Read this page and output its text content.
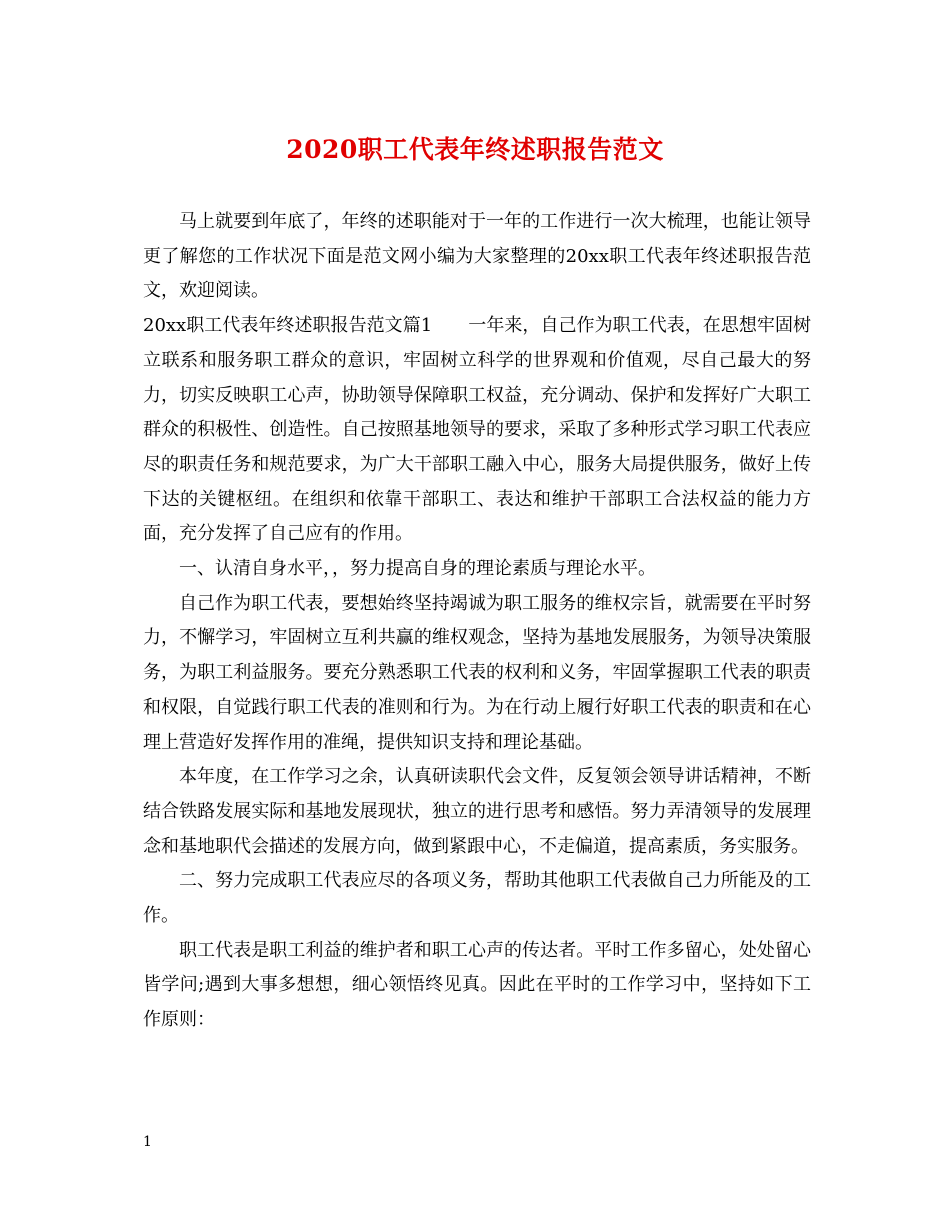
2020职工代表年终述职报告范文

马上就要到年底了，年终的述职能对于一年的工作进行一次大梳理，也能让领导更了解您的工作状况下面是范文网小编为大家整理的20xx职工代表年终述职报告范文，欢迎阅读。

20xx职工代表年终述职报告范文篇1　　一年来，自己作为职工代表，在思想牢固树立联系和服务职工群众的意识，牢固树立科学的世界观和价值观，尽自己最大的努力，切实反映职工心声，协助领导保障职工权益，充分调动、保护和发挥好广大职工群众的积极性、创造性。自己按照基地领导的要求，采取了多种形式学习职工代表应尽的职责任务和规范要求，为广大干部职工融入中心，服务大局提供服务，做好上传下达的关键枢纽。在组织和依靠干部职工、表达和维护干部职工合法权益的能力方面，充分发挥了自己应有的作用。

一、认清自身水平，，努力提高自身的理论素质与理论水平。

自己作为职工代表，要想始终坚持竭诚为职工服务的维权宗旨，就需要在平时努力，不懈学习，牢固树立互利共赢的维权观念，坚持为基地发展服务，为领导决策服务，为职工利益服务。要充分熟悉职工代表的权利和义务，牢固掌握职工代表的职责和权限，自觉践行职工代表的准则和行为。为在行动上履行好职工代表的职责和在心理上营造好发挥作用的准绳，提供知识支持和理论基础。

本年度，在工作学习之余，认真研读职代会文件，反复领会领导讲话精神，不断结合铁路发展实际和基地发展现状，独立的进行思考和感悟。努力弄清领导的发展理念和基地职代会描述的发展方向，做到紧跟中心，不走偏道，提高素质，务实服务。

二、努力完成职工代表应尽的各项义务，帮助其他职工代表做自己力所能及的工作。

职工代表是职工利益的维护者和职工心声的传达者。平时工作多留心，处处留心皆学问;遇到大事多想想，细心领悟终见真。因此在平时的工作学习中，坚持如下工作原则：

1
